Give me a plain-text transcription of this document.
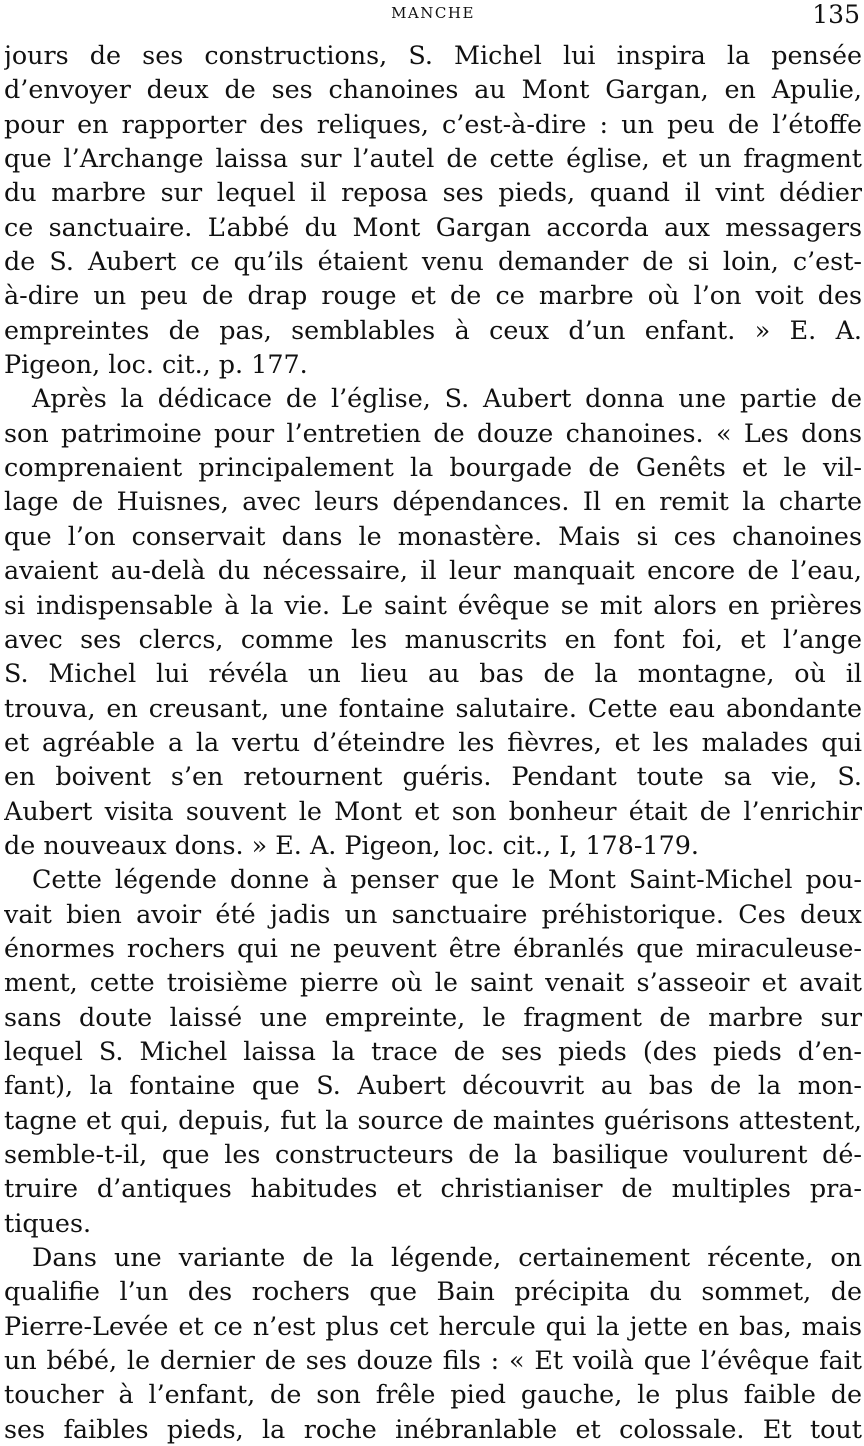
MANCHE	135
jours de ses constructions, S. Michel lui inspira la pensée
d’envoyer deux de ses chanoines au Mont Gargan, en Apulie,
pour en rapporter des reliques, c’est-à-dire : un peu de l’étoffe
que l’Archange laissa sur l’autel de cette église, et un fragment
du marbre sur lequel il reposa ses pieds, quand il vint dédier
ce sanctuaire. L’abbé du Mont Gargan accorda aux messagers
de S. Aubert ce qu’ils étaient venu demander de si loin, c’est-
à-dire un peu de drap rouge et de ce marbre où l’on voit des
empreintes de pas, semblables à ceux d’un enfant. » E. A.
Pigeon, loc. cit., p. 177.
Après la dédicace de l’église, S. Aubert donna une partie de
son patrimoine pour l’entretien de douze chanoines. « Les dons
comprenaient principalement la bourgade de Genêts et le vil-
lage de Huisnes, avec leurs dépendances. Il en remit la charte
que l’on conservait dans le monastère. Mais si ces chanoines
avaient au-delà du nécessaire, il leur manquait encore de l’eau,
si indispensable à la vie. Le saint évêque se mit alors en prières
avec ses clercs, comme les manuscrits en font foi, et l’ange
S. Michel lui révéla un lieu au bas de la montagne, où il
trouva, en creusant, une fontaine salutaire. Cette eau abondante
et agréable a la vertu d’éteindre les fièvres, et les malades qui
en boivent s’en retournent guéris. Pendant toute sa vie, S.
Aubert visita souvent le Mont et son bonheur était de l’enrichir
de nouveaux dons. » E. A. Pigeon, loc. cit., I, 178-179.
Cette légende donne à penser que le Mont Saint-Michel pou-
vait bien avoir été jadis un sanctuaire préhistorique. Ces deux
énormes rochers qui ne peuvent être ébranlés que miraculeuse-
ment, cette troisième pierre où le saint venait s’asseoir et avait
sans doute laissé une empreinte, le fragment de marbre sur
lequel S. Michel laissa la trace de ses pieds (des pieds d’en-
fant), la fontaine que S. Aubert découvrit au bas de la mon-
tagne et qui, depuis, fut la source de maintes guérisons attestent,
semble-t-il, que les constructeurs de la basilique voulurent dé-
truire d’antiques habitudes et christianiser de multiples pra-
tiques.
Dans une variante de la légende, certainement récente, on
qualifie l’un des rochers que Bain précipita du sommet, de
Pierre-Levée et ce n’est plus cet hercule qui la jette en bas, mais
un bébé, le dernier de ses douze fils : « Et voilà que l’évêque fait
toucher à l’enfant, de son frêle pied gauche, le plus faible de
ses faibles pieds, la roche inébranlable et colossale. Et tout
